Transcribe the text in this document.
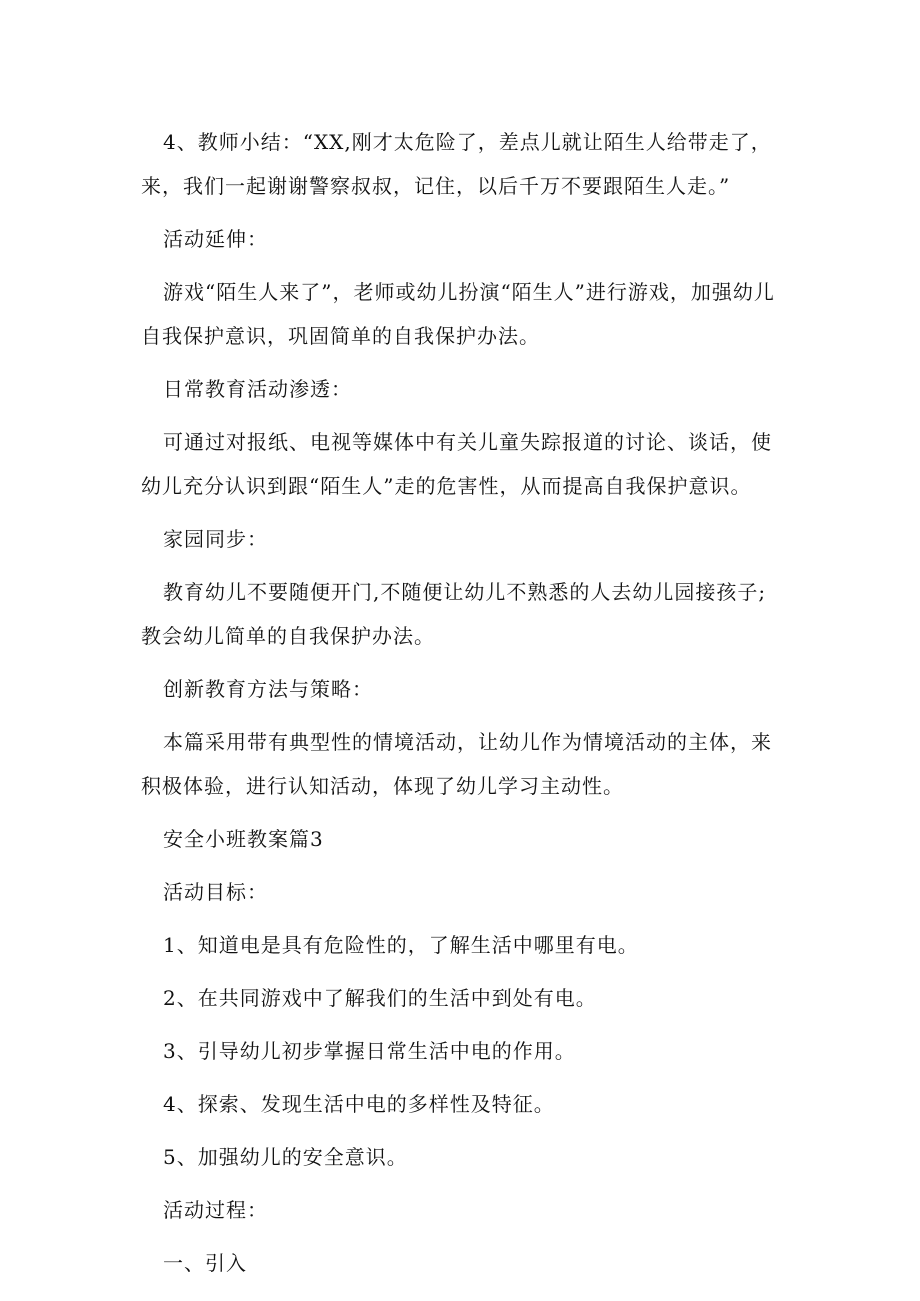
4、教师小结：“XX,刚才太危险了，差点儿就让陌生人给带走了，来，我们一起谢谢警察叔叔，记住，以后千万不要跟陌生人走。”
活动延伸：
游戏“陌生人来了”，老师或幼儿扮演“陌生人”进行游戏，加强幼儿自我保护意识，巩固简单的自我保护办法。
日常教育活动渗透：
可通过对报纸、电视等媒体中有关儿童失踪报道的讨论、谈话，使幼儿充分认识到跟“陌生人”走的危害性，从而提高自我保护意识。
家园同步：
教育幼儿不要随便开门,不随便让幼儿不熟悉的人去幼儿园接孩子;教会幼儿简单的自我保护办法。
创新教育方法与策略：
本篇采用带有典型性的情境活动，让幼儿作为情境活动的主体，来积极体验，进行认知活动，体现了幼儿学习主动性。
安全小班教案篇3
活动目标：
1、知道电是具有危险性的，了解生活中哪里有电。
2、在共同游戏中了解我们的生活中到处有电。
3、引导幼儿初步掌握日常生活中电的作用。
4、探索、发现生活中电的多样性及特征。
5、加强幼儿的安全意识。
活动过程：
一、引入
